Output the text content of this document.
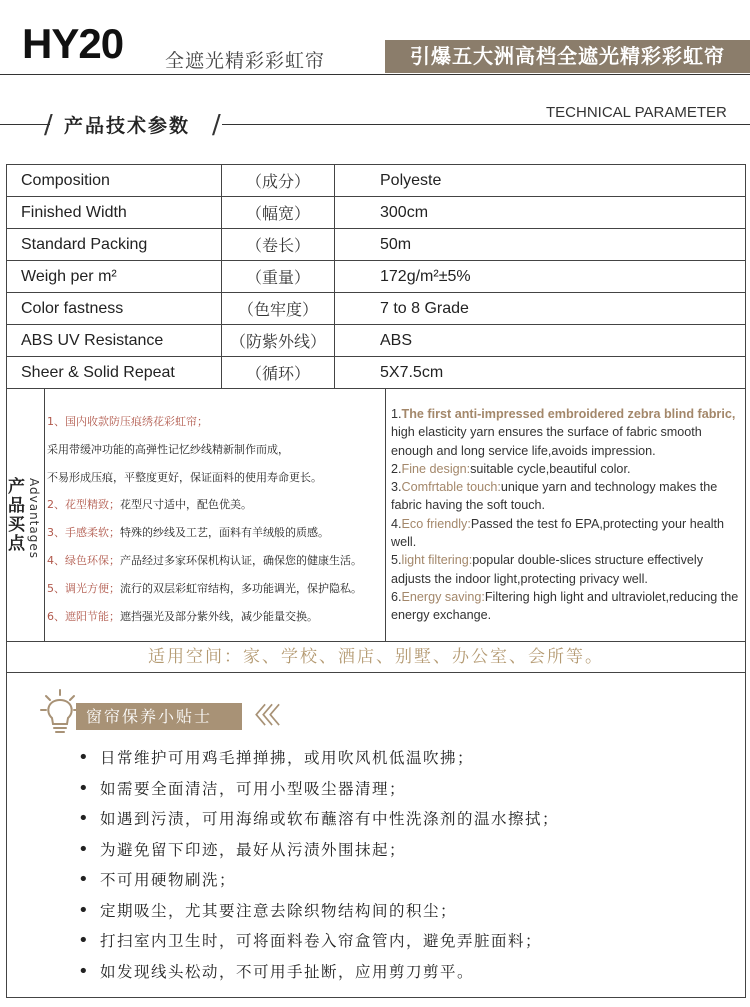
HY20 全遮光精彩彩虹帘	引爆五大洲高档全遮光精彩彩虹帘
/ 产品技术参数 /	TECHNICAL PARAMETER
Composition	（成分）	Polyeste
Finished Width	（幅宽）	300cm
Standard Packing	（卷长）	50m
Weigh per m²	（重量）	172g/m²±5%
Color fastness	（色牢度）	7 to 8 Grade
ABS UV Resistance	（防紫外线）	ABS
Sheer & Solid Repeat	（循环）	5X7.5cm
产品买点 Advantages
1、国内收款防压痕绣花彩虹帘；
采用带缓冲功能的高弹性记忆纱线精新制作而成，
不易形成压痕，平整度更好，保证面料的使用寿命更长。
2、花型精致；花型尺寸适中，配色优美。
3、手感柔软；特殊的纱线及工艺，面料有羊绒般的质感。
4、绿色环保；产品经过多家环保机构认证，确保您的健康生活。
5、调光方便；流行的双层彩虹帘结构，多功能调光，保护隐私。
6、遮阳节能；遮挡强光及部分紫外线，减少能量交换。
1.The first anti-impressed embroidered zebra blind fabric,
high elasticity yarn ensures the surface of fabric smooth enough and long service life,avoids impression.
2.Fine design:suitable cycle,beautiful color.
3.Comfrtable touch:unique yarn and technology makes the fabric having the soft touch.
4.Eco friendly:Passed the test fo EPA,protecting your health well.
5.light filtering:popular double-slices structure effectively adjusts the indoor light,protecting privacy well.
6.Energy saving:Filtering high light and ultraviolet,reducing the energy exchange.
适用空间：家、学校、酒店、别墅、办公室、会所等。
窗帘保养小贴士	〈〈〈
• 日常维护可用鸡毛掸掸拂，或用吹风机低温吹拂；
• 如需要全面清洁，可用小型吸尘器清理；
• 如遇到污渍，可用海绵或软布蘸溶有中性洗涤剂的温水擦拭；
• 为避免留下印迹，最好从污渍外围抹起；
• 不可用硬物刷洗；
• 定期吸尘，尤其要注意去除织物结构间的积尘；
• 打扫室内卫生时，可将面料卷入帘盒管内，避免弄脏面料；
• 如发现线头松动，不可用手扯断，应用剪刀剪平。
